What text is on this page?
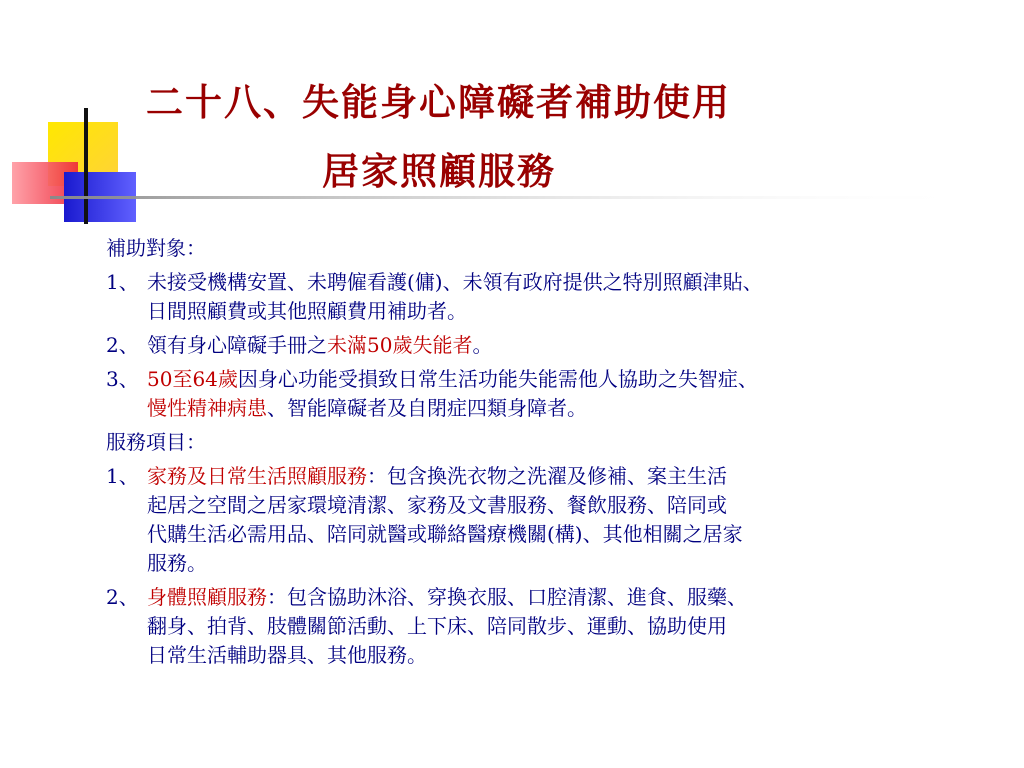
二十八、失能身心障礙者補助使用
居家照顧服務
補助對象：
1、 未接受機構安置、未聘僱看護(傭)、未領有政府提供之特別照顧津貼、
日間照顧費或其他照顧費用補助者。
2、 領有身心障礙手冊之未滿50歲失能者。
3、 50至64歲因身心功能受損致日常生活功能失能需他人協助之失智症、
慢性精神病患、智能障礙者及自閉症四類身障者。
服務項目：
1、 家務及日常生活照顧服務：包含換洗衣物之洗濯及修補、案主生活
起居之空間之居家環境清潔、家務及文書服務、餐飲服務、陪同或
代購生活必需用品、陪同就醫或聯絡醫療機關(構)、其他相關之居家
服務。
2、 身體照顧服務：包含協助沐浴、穿換衣服、口腔清潔、進食、服藥、
翻身、拍背、肢體關節活動、上下床、陪同散步、運動、協助使用
日常生活輔助器具、其他服務。
